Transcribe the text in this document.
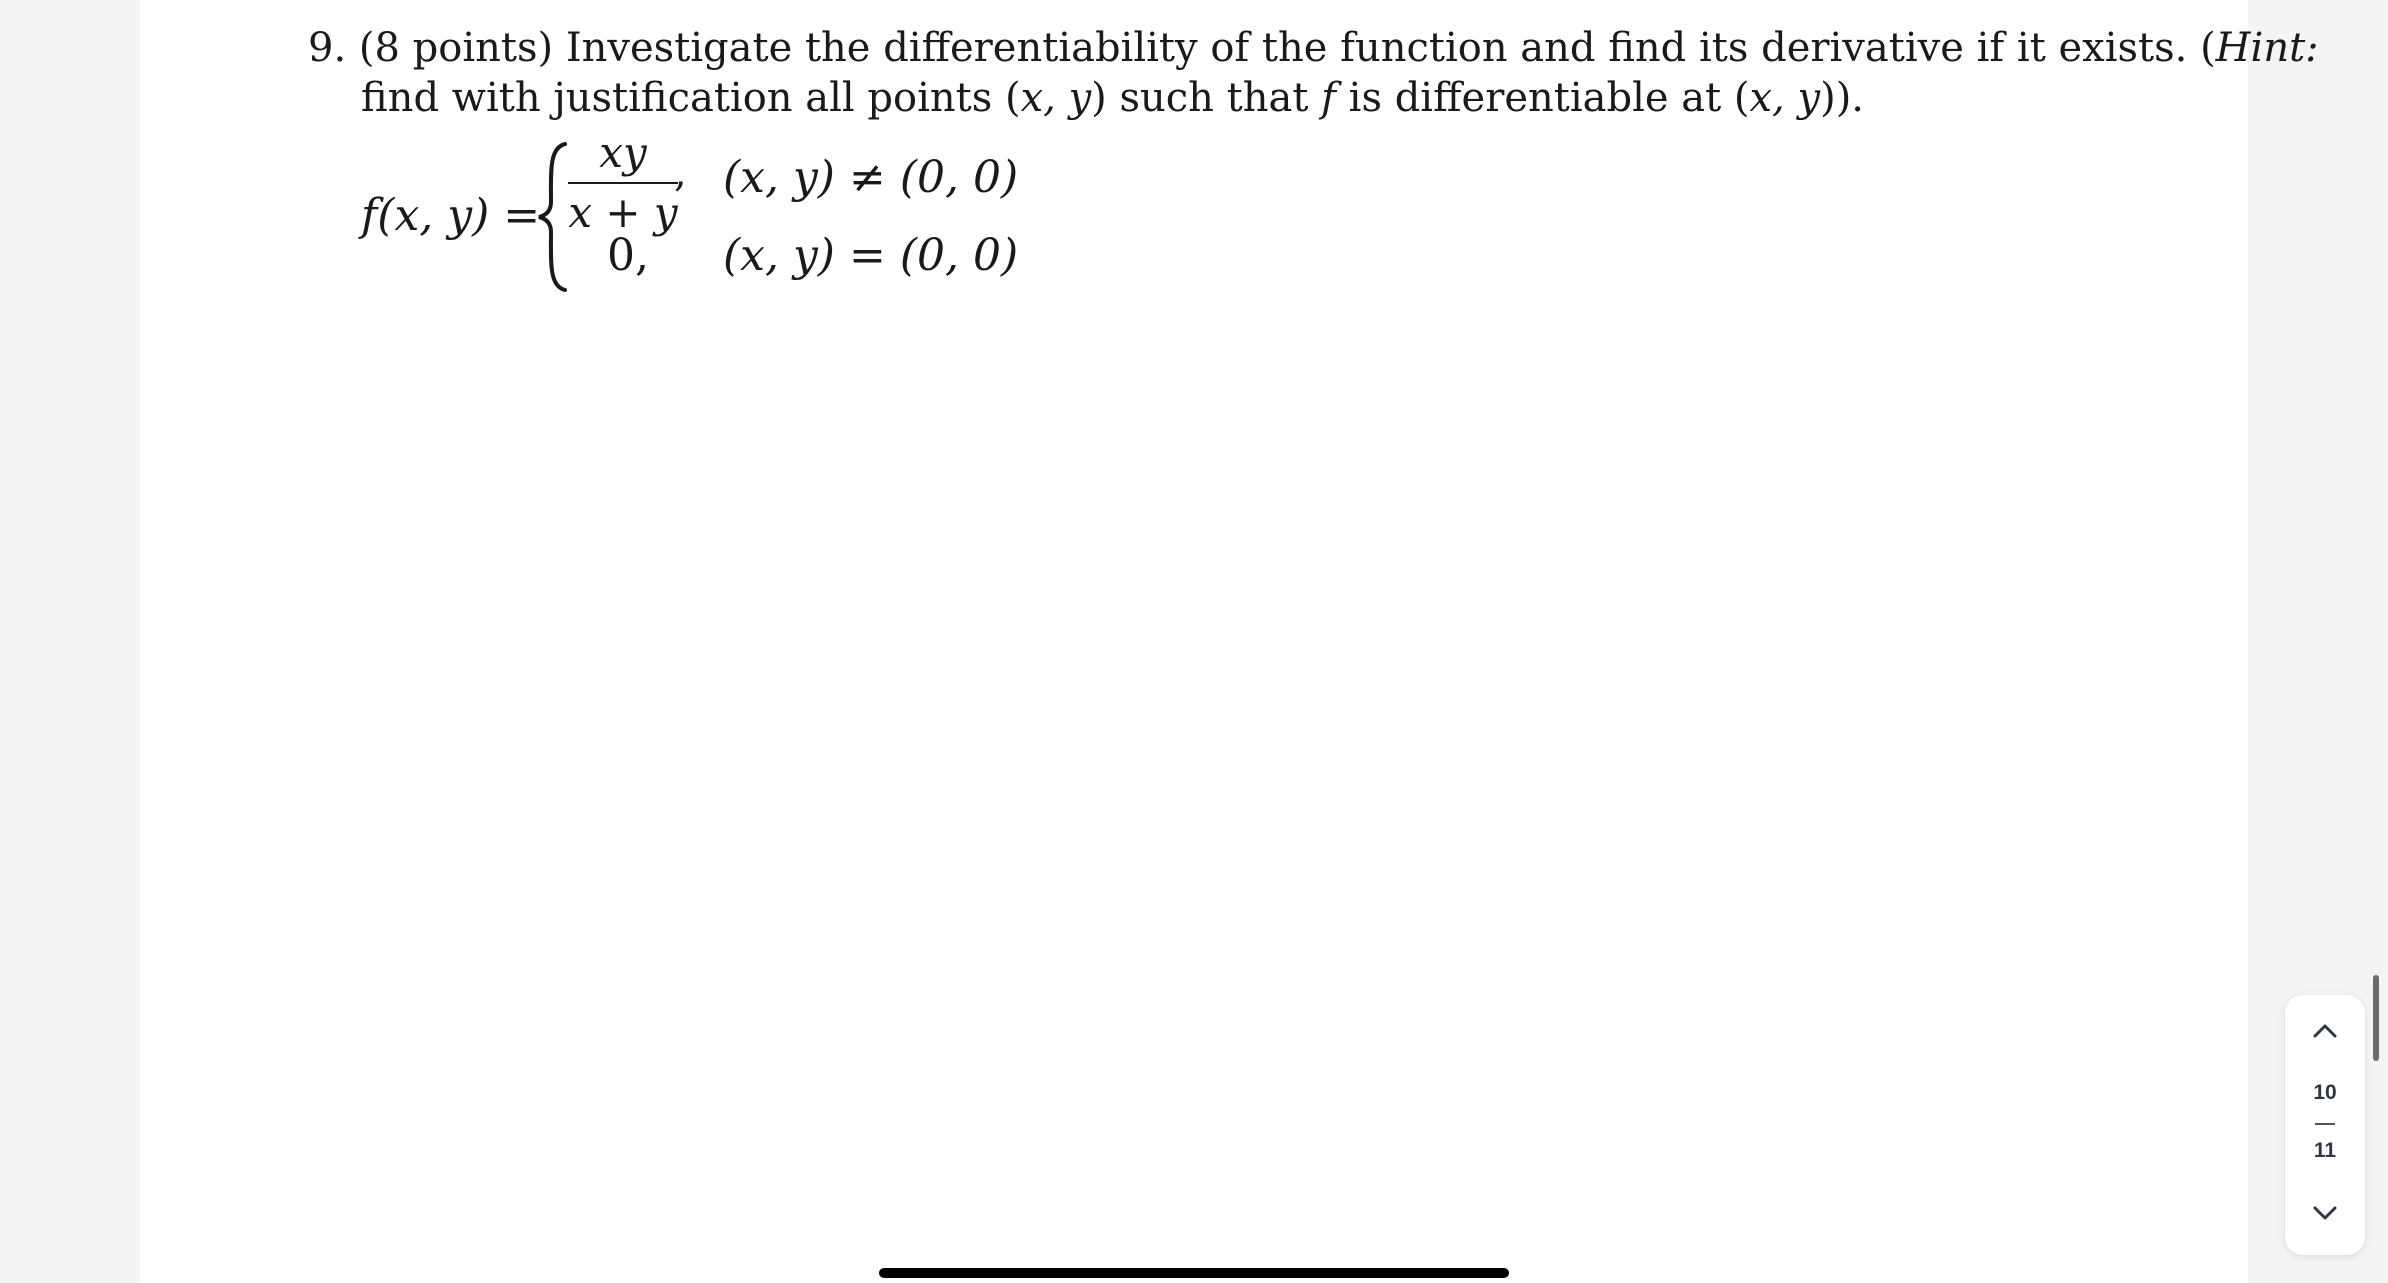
9. (8 points) Investigate the differentiability of the function and find its derivative if it exists. (Hint:
find with justification all points (x, y) such that f is differentiable at (x, y)).
f(x, y) =
xy
x + y
, (x, y) ≠ (0, 0)
0, (x, y) = (0, 0)
10
11
